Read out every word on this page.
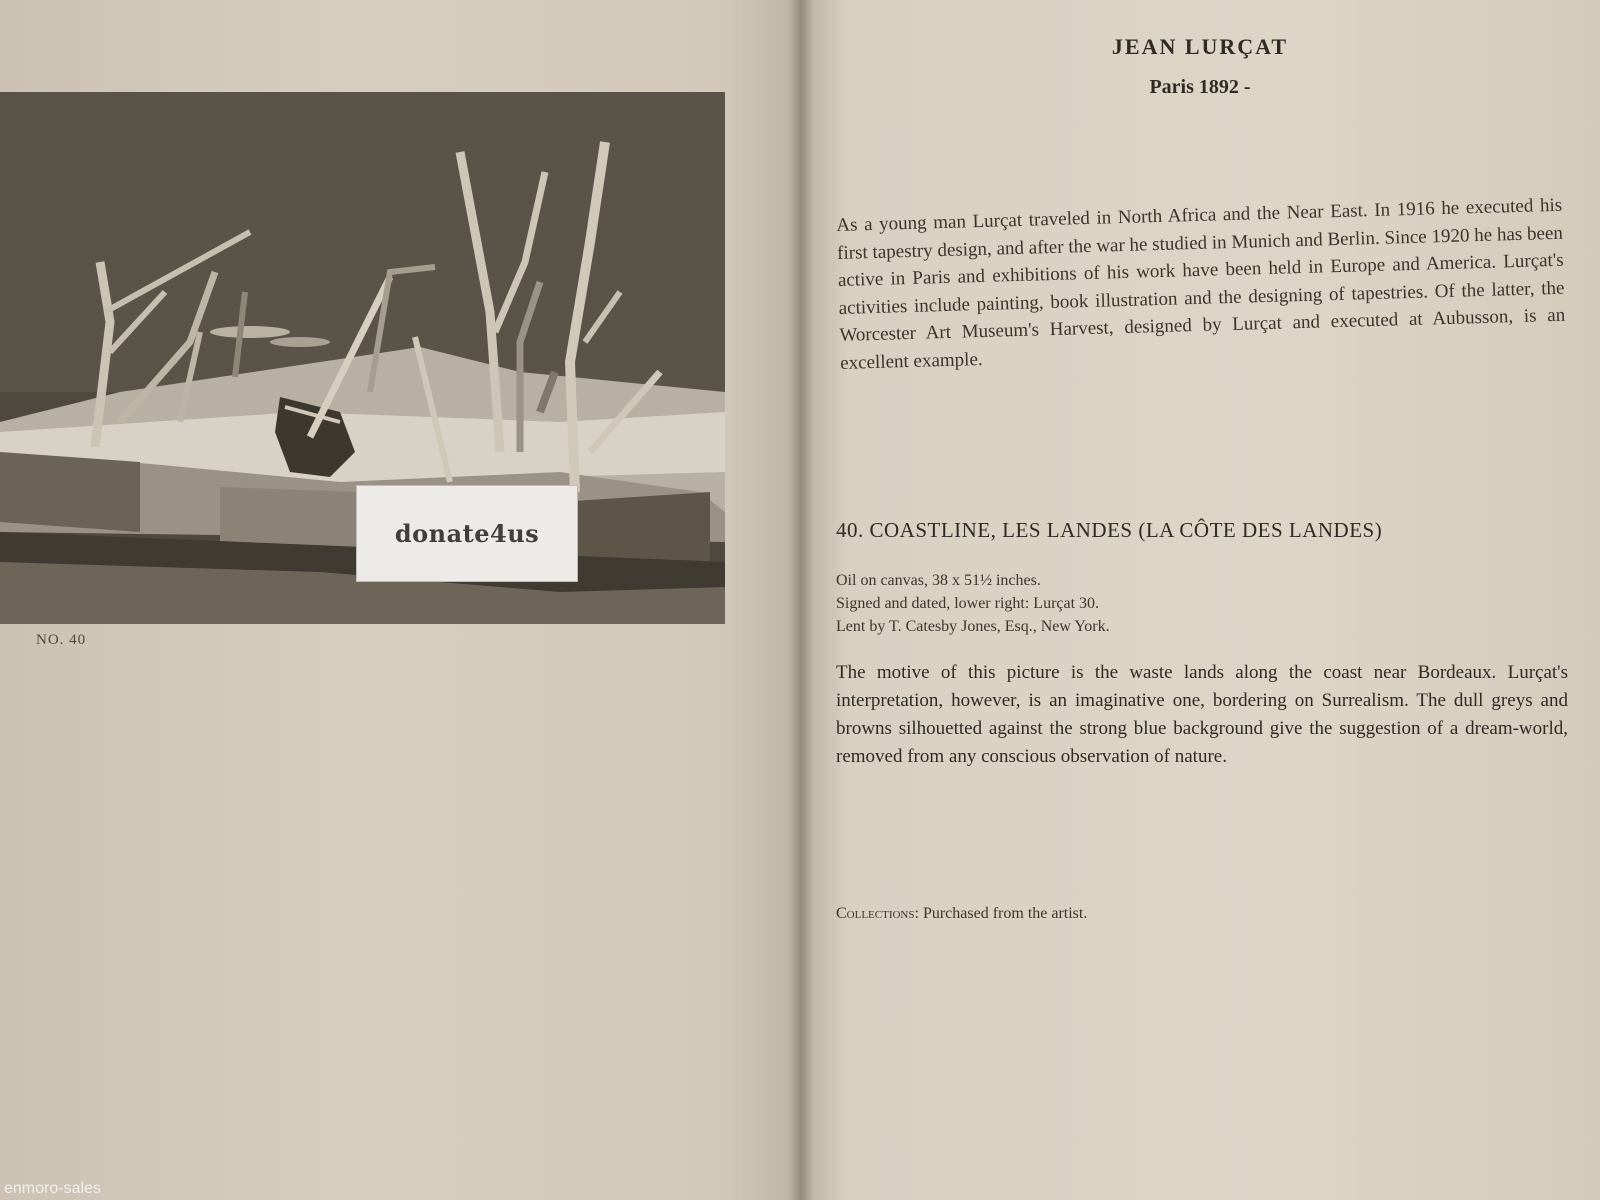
donate4us
NO. 40
JEAN LURÇAT
Paris 1892 -
As a young man Lurçat traveled in North Africa and the Near East. In 1916 he executed his first tapestry design, and after the war he studied in Munich and Berlin. Since 1920 he has been active in Paris and exhibitions of his work have been held in Europe and America. Lurçat's activities include painting, book illustration and the designing of tapestries. Of the latter, the Worcester Art Museum's Harvest, designed by Lurçat and executed at Aubusson, is an excellent example.
40. COASTLINE, LES LANDES (LA CÔTE DES LANDES)
Oil on canvas, 38 x 51½ inches.
Signed and dated, lower right: Lurçat 30.
Lent by T. Catesby Jones, Esq., New York.
The motive of this picture is the waste lands along the coast near Bordeaux. Lurçat's interpretation, however, is an imaginative one, bordering on Surrealism. The dull greys and browns silhouetted against the strong blue background give the suggestion of a dream-world, removed from any conscious observation of nature.
Collections: Purchased from the artist.
enmoro-sales
